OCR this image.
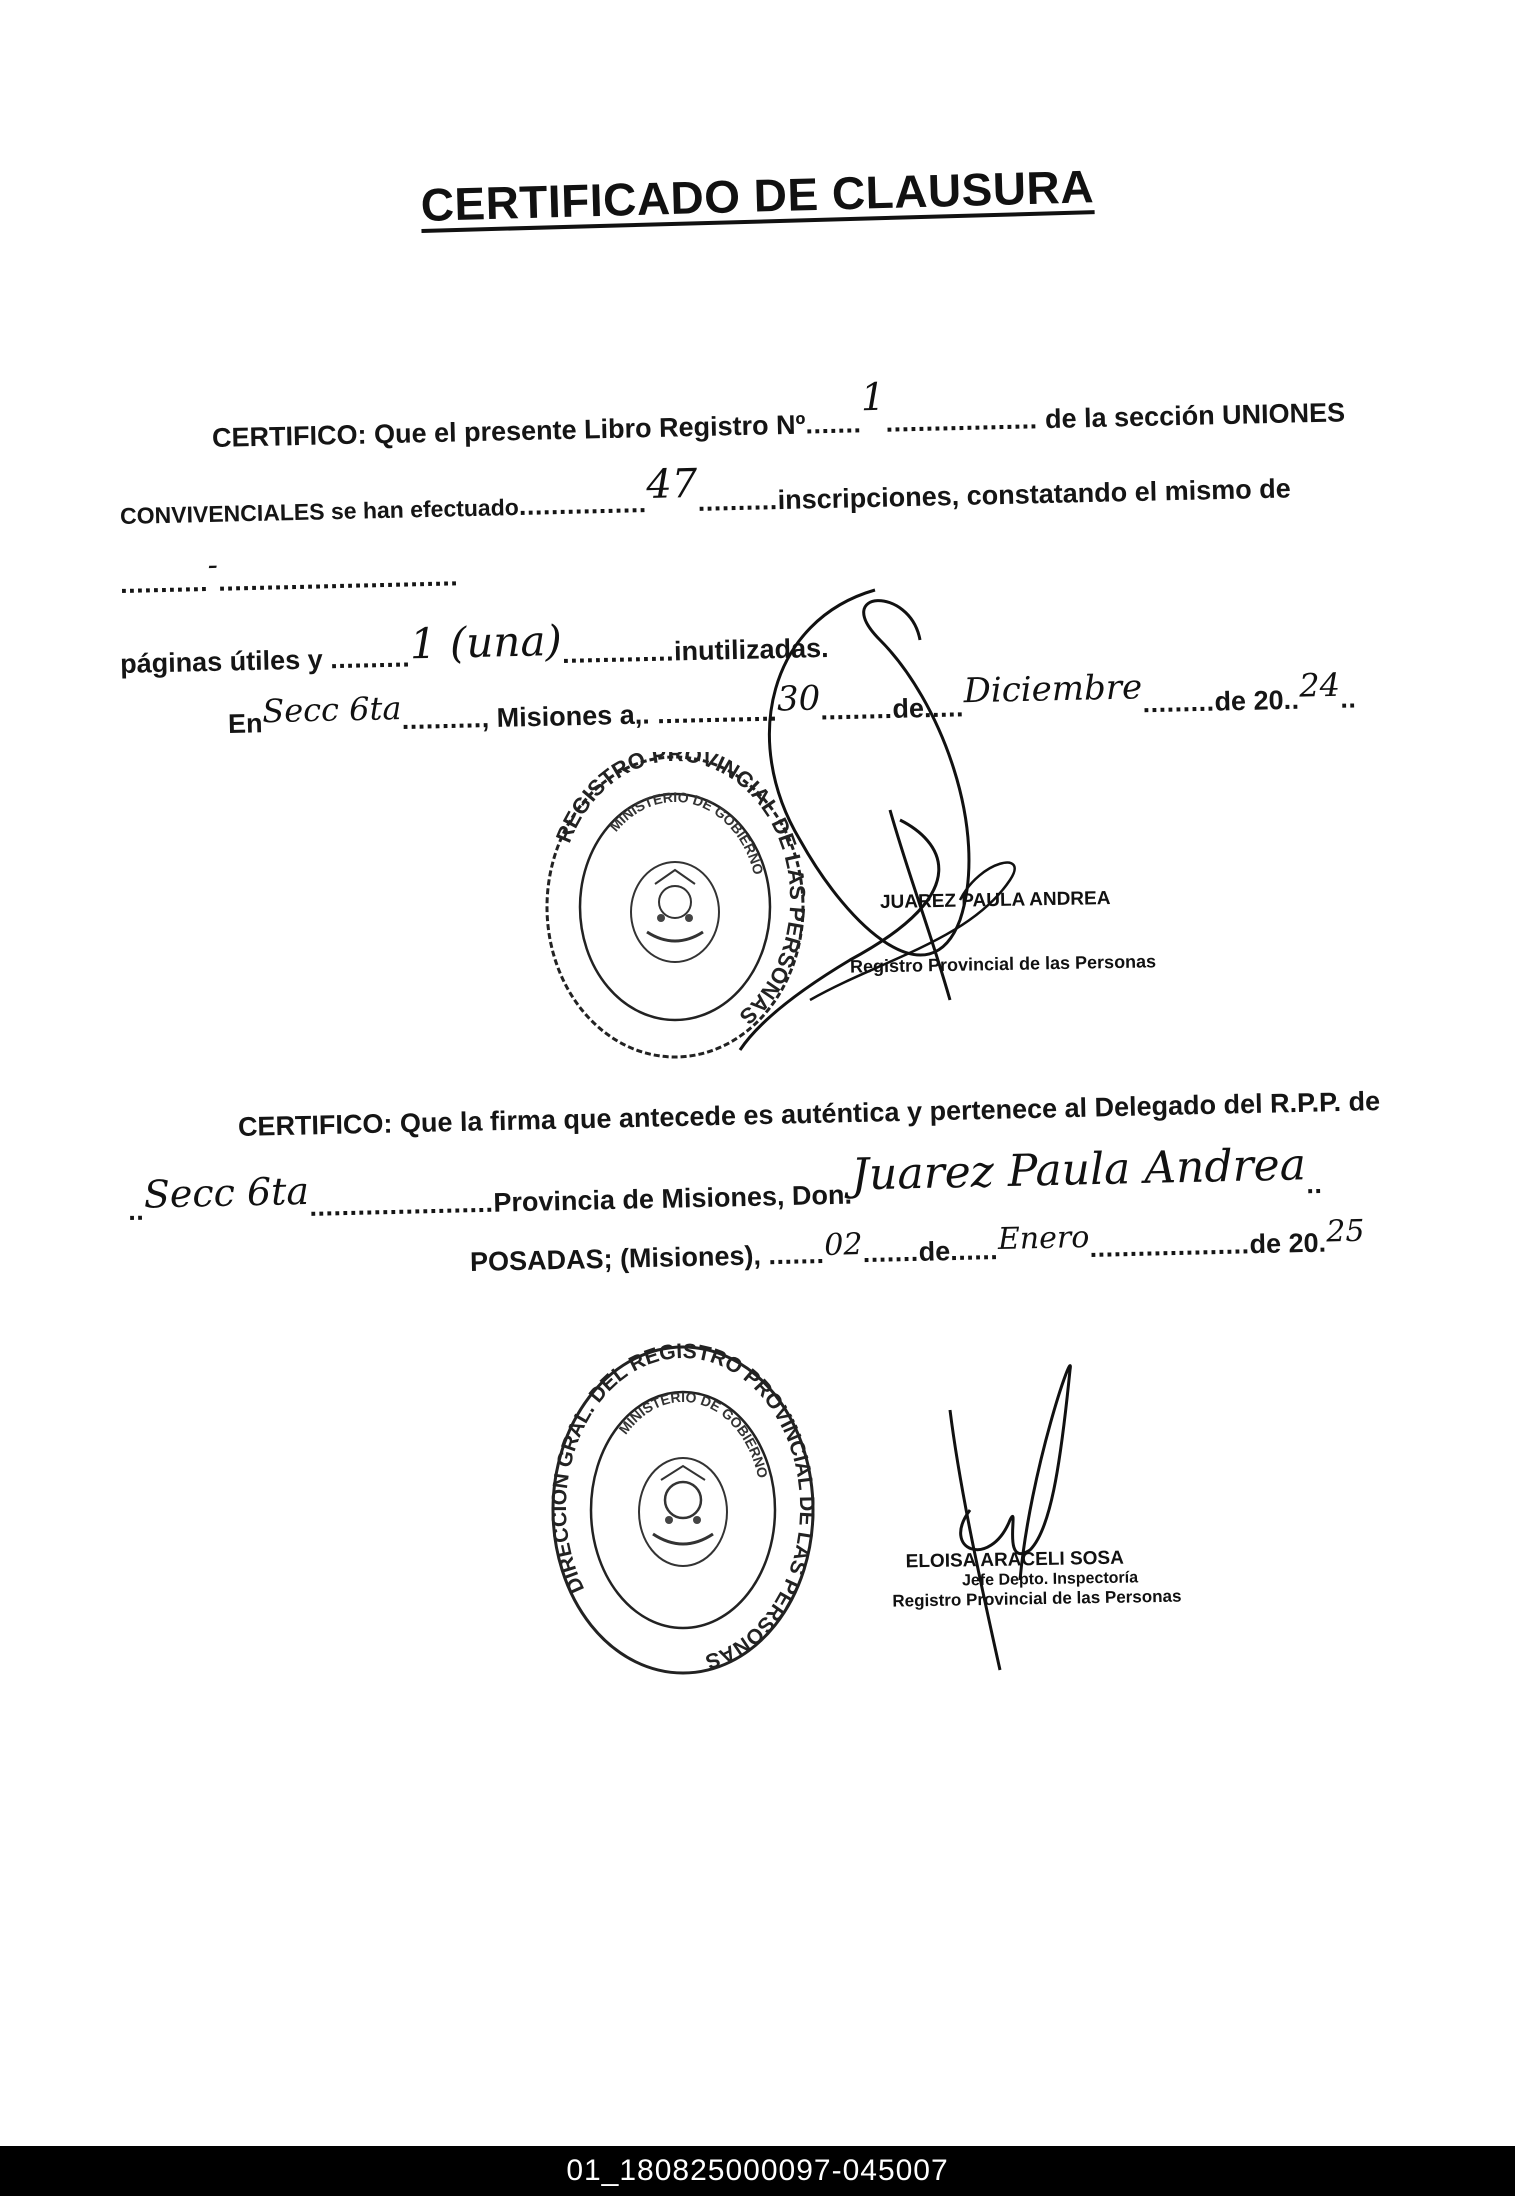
CERTIFICADO DE CLAUSURA
CERTIFICO: Que el presente Libro Registro Nº.......1................... de la sección UNIONES
CONVIVENCIALES se han efectuado................47..........inscripciones, constatando el mismo de
...........-..............................
páginas útiles y ..........1 (una)..............inutilizadas.
EnSecc 6ta.........., Misiones a,. ...............30.........de.....Diciembre.........de 20..24..
REGISTRO PROVINCIAL DE LAS PERSONAS
MINISTERIO DE GOBIERNO
JUAREZ PAULA ANDREA
Registro Provincial de las Personas
CERTIFICO: Que la firma que antecede es auténtica y pertenece al Delegado del R.P.P. de
..Secc 6ta.......................Provincia de Misiones, Don.Juarez Paula Andrea..
POSADAS; (Misiones), .......02.......de......Enero....................de 20.25
DIRECCION GRAL. DEL REGISTRO PROVINCIAL DE LAS PERSONAS
MINISTERIO DE GOBIERNO
ELOISA ARACELI SOSA
Jefe Depto. Inspectoría
Registro Provincial de las Personas
01_180825000097-045007
